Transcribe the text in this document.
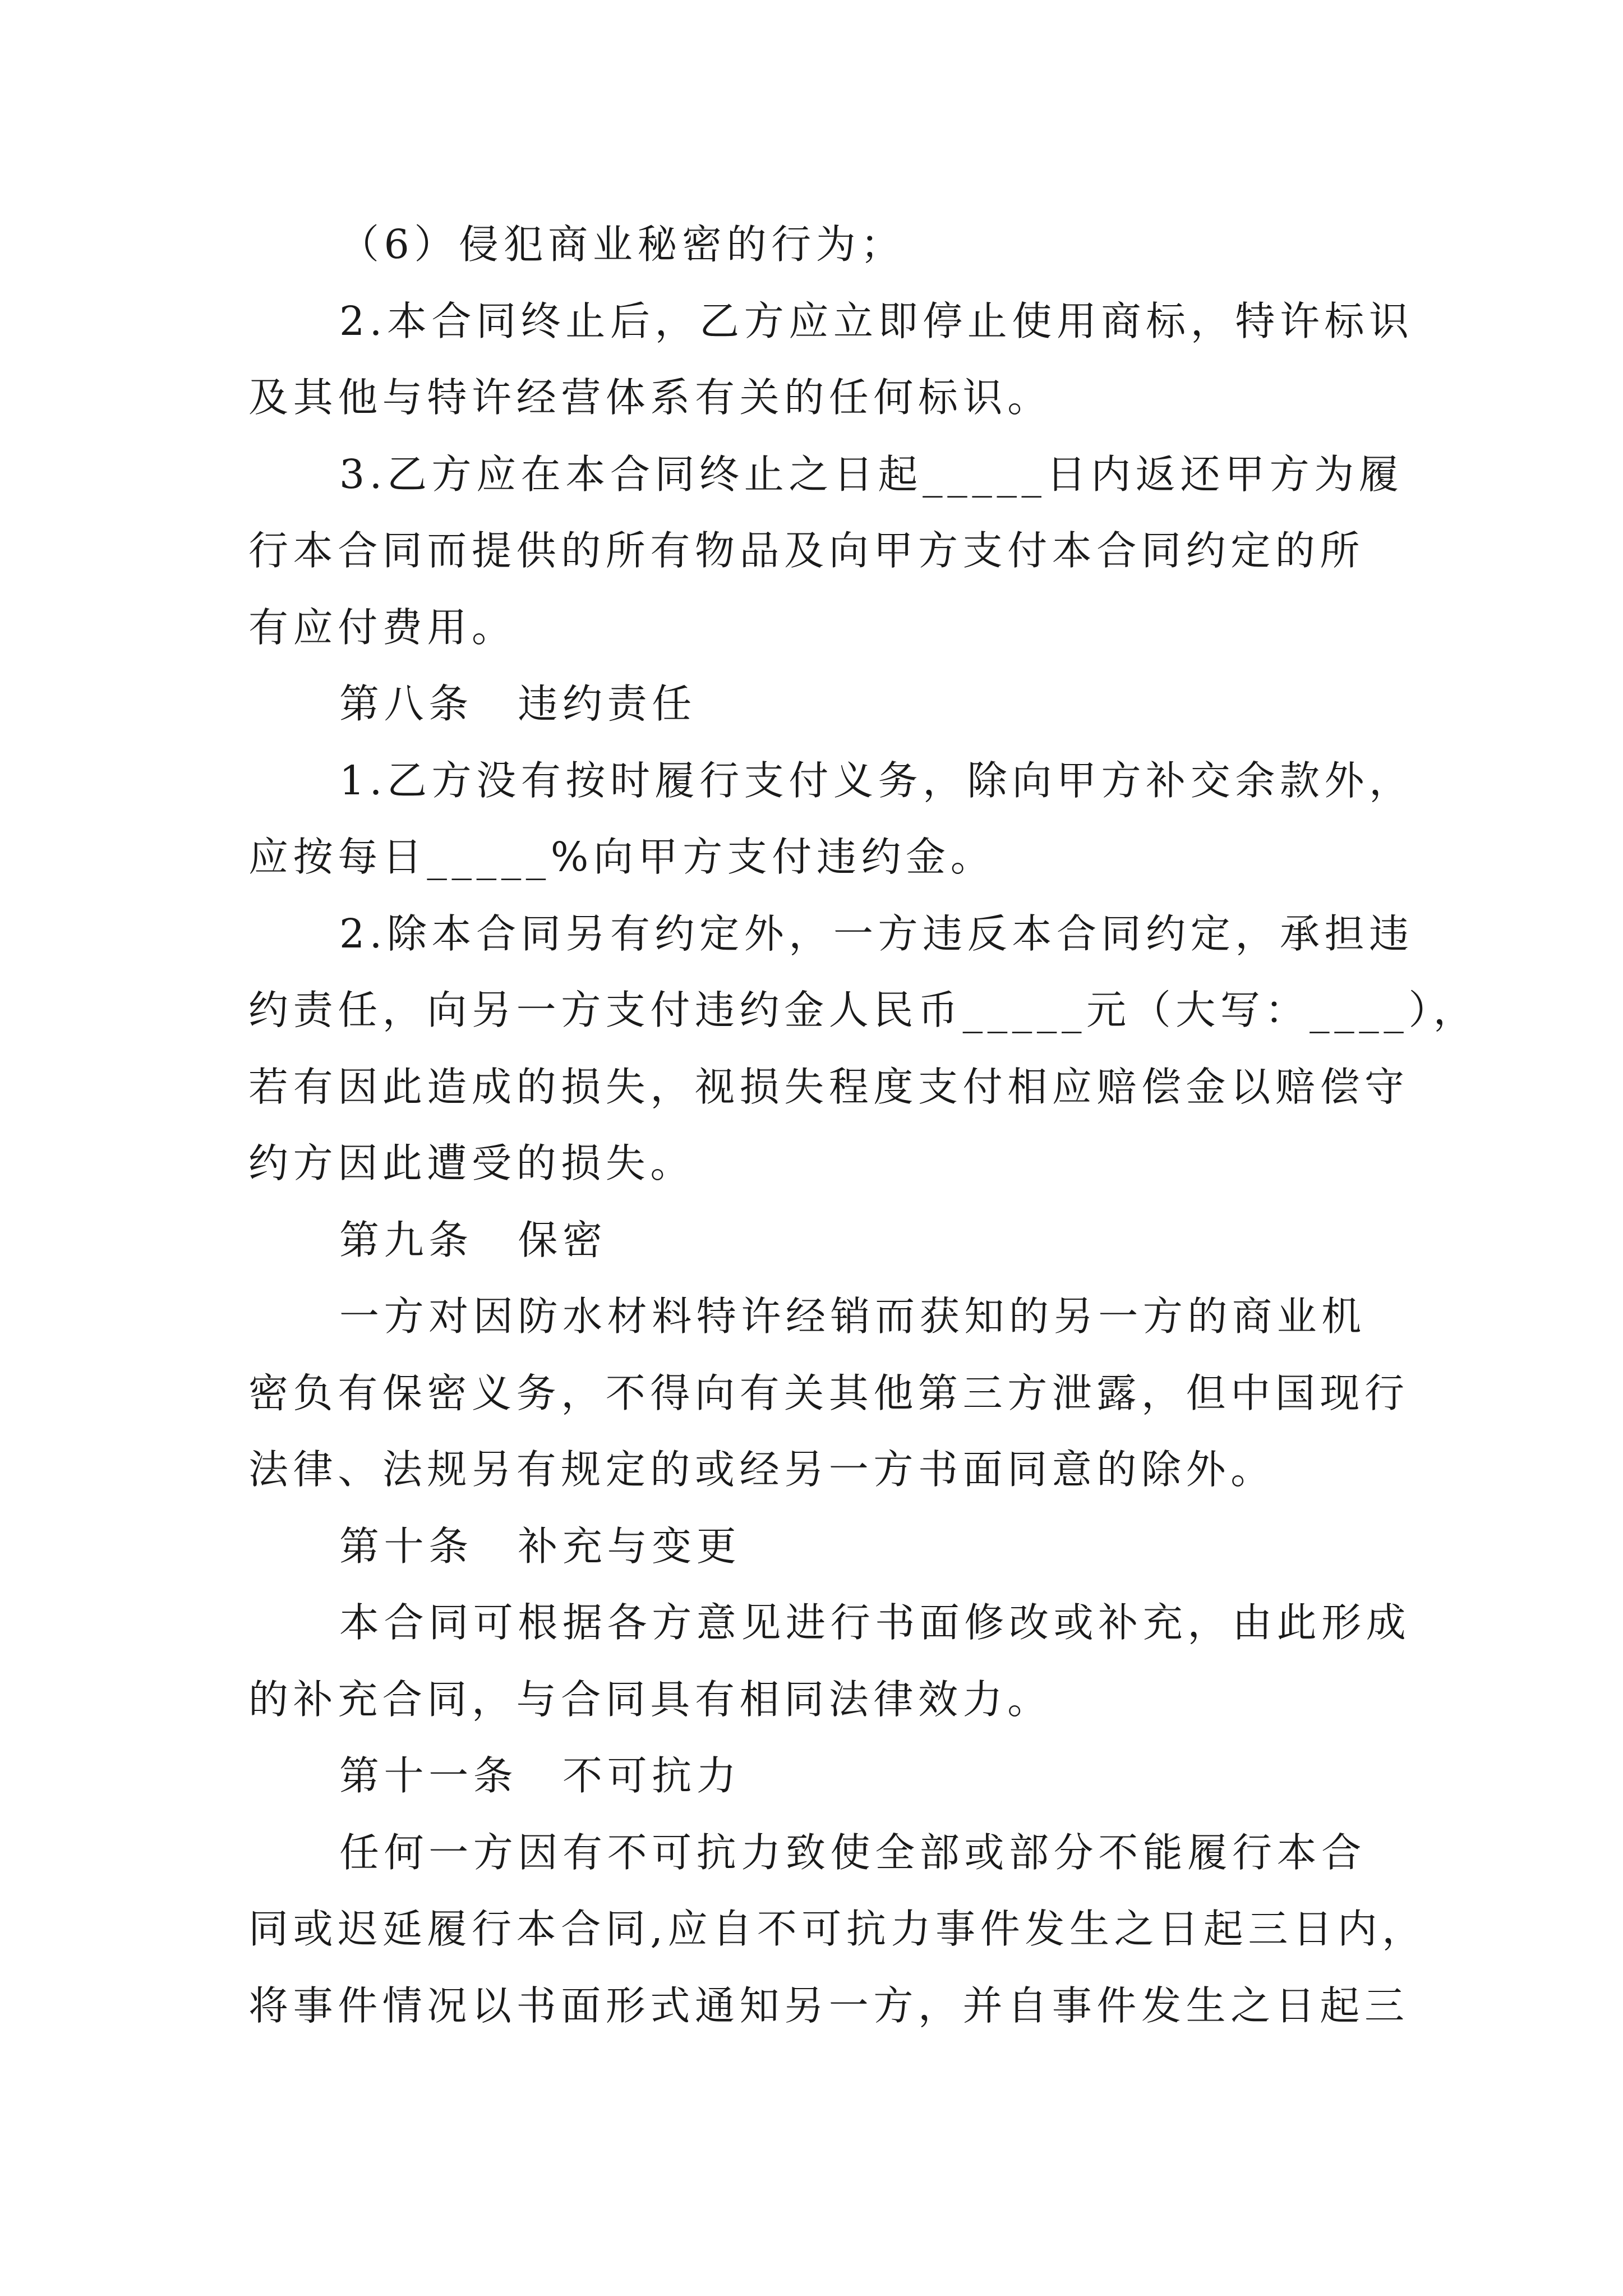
（6）侵犯商业秘密的行为；
2.本合同终止后，乙方应立即停止使用商标，特许标识
及其他与特许经营体系有关的任何标识。
3.乙方应在本合同终止之日起_____日内返还甲方为履
行本合同而提供的所有物品及向甲方支付本合同约定的所
有应付费用。
第八条　违约责任
1.乙方没有按时履行支付义务，除向甲方补交余款外，
应按每日_____%向甲方支付违约金。
2.除本合同另有约定外，一方违反本合同约定，承担违
约责任，向另一方支付违约金人民币_____元（大写：____），
若有因此造成的损失，视损失程度支付相应赔偿金以赔偿守
约方因此遭受的损失。
第九条　保密
一方对因防水材料特许经销而获知的另一方的商业机
密负有保密义务，不得向有关其他第三方泄露，但中国现行
法律、法规另有规定的或经另一方书面同意的除外。
第十条　补充与变更
本合同可根据各方意见进行书面修改或补充，由此形成
的补充合同，与合同具有相同法律效力。
第十一条　不可抗力
任何一方因有不可抗力致使全部或部分不能履行本合
同或迟延履行本合同,应自不可抗力事件发生之日起三日内，
将事件情况以书面形式通知另一方，并自事件发生之日起三
